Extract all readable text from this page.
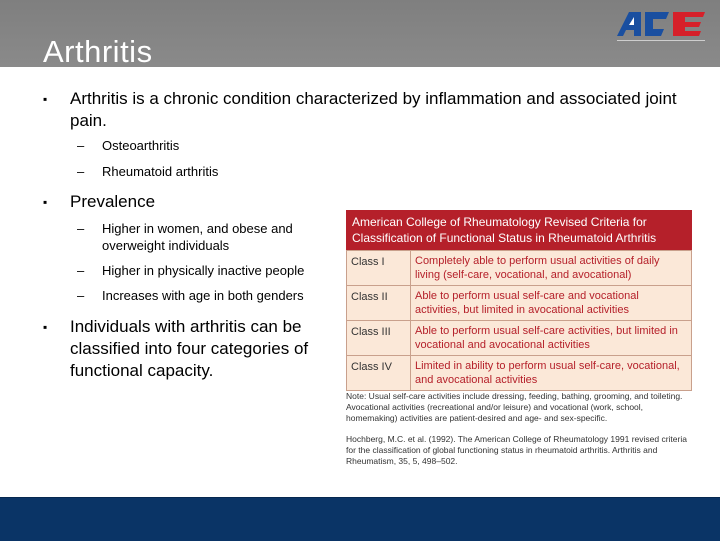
Arthritis
▪ Arthritis is a chronic condition characterized by inflammation and associated joint pain.
– Osteoarthritis
– Rheumatoid arthritis
▪ Prevalence
– Higher in women, and obese and overweight individuals
– Higher in physically inactive people
– Increases with age in both genders
▪ Individuals with arthritis can be classified into four categories of functional capacity.
American College of Rheumatology Revised Criteria for Classification of Functional Status in Rheumatoid Arthritis
Class I	Completely able to perform usual activities of daily living (self-care, vocational, and avocational)
Class II	Able to perform usual self-care and vocational activities, but limited in avocational activities
Class III	Able to perform usual self-care activities, but limited in vocational and avocational activities
Class IV	Limited in ability to perform usual self-care, vocational, and avocational activities
Note: Usual self-care activities include dressing, feeding, bathing, grooming, and toileting. Avocational activities (recreational and/or leisure) and vocational (work, school, homemaking) activities are patient-desired and age- and sex-specific.
Hochberg, M.C. et al. (1992). The American College of Rheumatology 1991 revised criteria for the classification of global functioning status in rheumatoid arthritis. Arthritis and Rheumatism, 35, 5, 498–502.
